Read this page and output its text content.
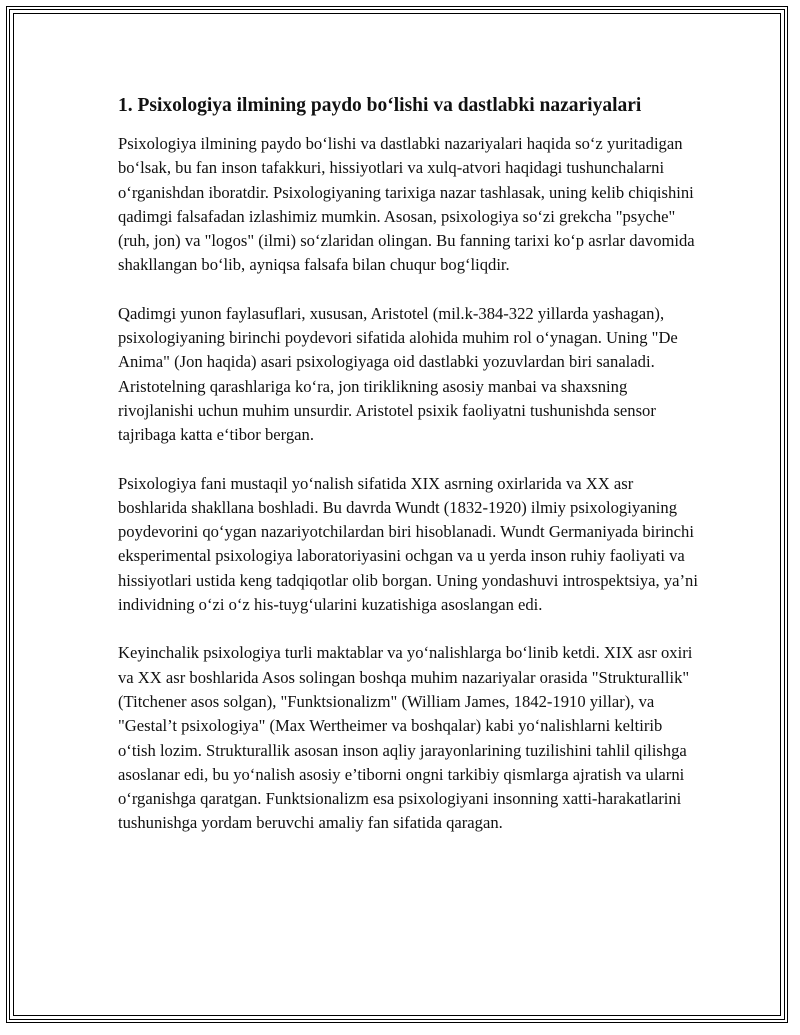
1. Psixologiya ilmining paydo bo‘lishi va dastlabki nazariyalari

Psixologiya ilmining paydo bo‘lishi va dastlabki nazariyalari haqida so‘z yuritadigan bo‘lsak, bu fan inson tafakkuri, hissiyotlari va xulq-atvori haqidagi tushunchalarni o‘rganishdan iboratdir. Psixologiyaning tarixiga nazar tashlasak, uning kelib chiqishini qadimgi falsafadan izlashimiz mumkin. Asosan, psixologiya so‘zi grekcha "psyche" (ruh, jon) va "logos" (ilmi) so‘zlaridan olingan. Bu fanning tarixi ko‘p asrlar davomida shakllangan bo‘lib, ayniqsa falsafa bilan chuqur bog‘liqdir.

Qadimgi yunon faylasuflari, xususan, Aristotel (mil.k-384-322 yillarda yashagan), psixologiyaning birinchi poydevori sifatida alohida muhim rol o‘ynagan. Uning "De Anima" (Jon haqida) asari psixologiyaga oid dastlabki yozuvlardan biri sanaladi. Aristotelning qarashlariga ko‘ra, jon tiriklikning asosiy manbai va shaxsning rivojlanishi uchun muhim unsurdir. Aristotel psixik faoliyatni tushunishda sensor tajribaga katta e‘tibor bergan.

Psixologiya fani mustaqil yo‘nalish sifatida XIX asrning oxirlarida va XX asr boshlarida shakllana boshladi. Bu davrda Wundt (1832-1920) ilmiy psixologiyaning poydevorini qo‘ygan nazariyotchilardan biri hisoblanadi. Wundt Germaniyada birinchi eksperimental psixologiya laboratoriyasini ochgan va u yerda inson ruhiy faoliyati va hissiyotlari ustida keng tadqiqotlar olib borgan. Uning yondashuvi introspektsiya, ya’ni individning o‘zi o‘z his-tuyg‘ularini kuzatishiga asoslangan edi.

Keyinchalik psixologiya turli maktablar va yo‘nalishlarga bo‘linib ketdi. XIX asr oxiri va XX asr boshlarida Asos solingan boshqa muhim nazariyalar orasida "Strukturallik" (Titchener asos solgan), "Funktsionalizm" (William James, 1842-1910 yillar), va "Gestal’t psixologiya" (Max Wertheimer va boshqalar) kabi yo‘nalishlarni keltirib o‘tish lozim. Strukturallik asosan inson aqliy jarayonlarining tuzilishini tahlil qilishga asoslanar edi, bu yo‘nalish asosiy e’tiborni ongni tarkibiy qismlarga ajratish va ularni o‘rganishga qaratgan. Funktsionalizm esa psixologiyani insonning xatti-harakatlarini tushunishga yordam beruvchi amaliy fan sifatida qaragan.
